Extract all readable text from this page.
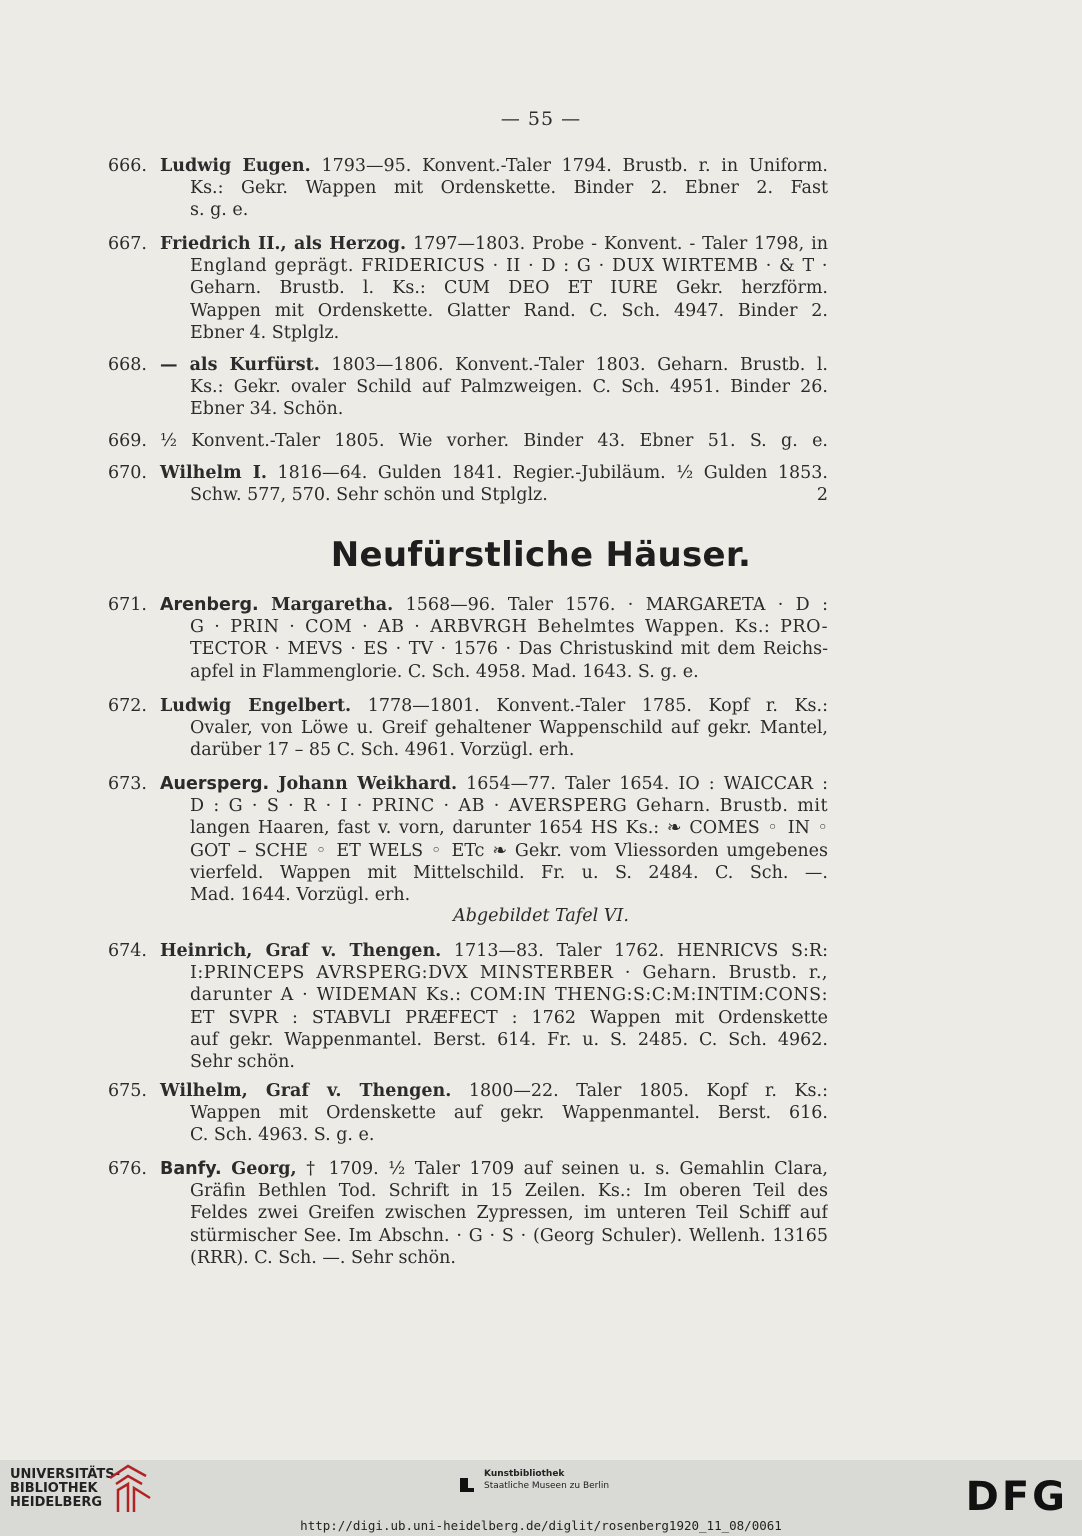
— 55 —
666. Ludwig Eugen. 1793—95. Konvent.-Taler 1794. Brustb. r. in Uniform.
Ks.: Gekr. Wappen mit Ordenskette. Binder 2. Ebner 2. Fast
s. g. e.
667. Friedrich II., als Herzog. 1797—1803. Probe - Konvent. - Taler 1798, in
England geprägt. FRIDERICUS · II · D : G · DUX WIRTEMB · & T ·
Geharn. Brustb. l. Ks.: CUM DEO ET IURE Gekr. herzförm.
Wappen mit Ordenskette. Glatter Rand. C. Sch. 4947. Binder 2.
Ebner 4. Stplglz.
668. — als Kurfürst. 1803—1806. Konvent.-Taler 1803. Geharn. Brustb. l.
Ks.: Gekr. ovaler Schild auf Palmzweigen. C. Sch. 4951. Binder 26.
Ebner 34. Schön.
669. ½ Konvent.-Taler 1805. Wie vorher. Binder 43. Ebner 51. S. g. e.
670. Wilhelm I. 1816—64. Gulden 1841. Regier.-Jubiläum. ½ Gulden 1853.
Schw. 577, 570. Sehr schön und Stplglz.	2
Neufürstliche Häuser.
671. Arenberg. Margaretha. 1568—96. Taler 1576. · MARGARETA · D :
G · PRIN · COM · AB · ARBVRGH Behelmtes Wappen. Ks.: PRO-
TECTOR · MEVS · ES · TV · 1576 · Das Christuskind mit dem Reichs-
apfel in Flammenglorie. C. Sch. 4958. Mad. 1643. S. g. e.
672. Ludwig Engelbert. 1778—1801. Konvent.-Taler 1785. Kopf r. Ks.:
Ovaler, von Löwe u. Greif gehaltener Wappenschild auf gekr. Mantel,
darüber 17 – 85 C. Sch. 4961. Vorzügl. erh.
673. Auersperg. Johann Weikhard. 1654—77. Taler 1654. IO : WAICCAR :
D : G · S · R · I · PRINC · AB · AVERSPERG Geharn. Brustb. mit
langen Haaren, fast v. vorn, darunter 1654 HS Ks.: ❧ COMES ◦ IN ◦
GOT – SCHE ◦ ET WELS ◦ ETc ❧ Gekr. vom Vliessorden umgebenes
vierfeld. Wappen mit Mittelschild. Fr. u. S. 2484. C. Sch. —.
Mad. 1644. Vorzügl. erh.
Abgebildet Tafel VI.
674. Heinrich, Graf v. Thengen. 1713—83. Taler 1762. HENRICVS S:R:
I:PRINCEPS AVRSPERG:DVX MINSTERBER · Geharn. Brustb. r.,
darunter A · WIDEMAN Ks.: COM:IN THENG:S:C:M:INTIM:CONS:
ET SVPR : STABVLI PRÆFECT : 1762 Wappen mit Ordenskette
auf gekr. Wappenmantel. Berst. 614. Fr. u. S. 2485. C. Sch. 4962.
Sehr schön.
675. Wilhelm, Graf v. Thengen. 1800—22. Taler 1805. Kopf r. Ks.:
Wappen mit Ordenskette auf gekr. Wappenmantel. Berst. 616.
C. Sch. 4963. S. g. e.
676. Banfy. Georg, † 1709. ½ Taler 1709 auf seinen u. s. Gemahlin Clara,
Gräfin Bethlen Tod. Schrift in 15 Zeilen. Ks.: Im oberen Teil des
Feldes zwei Greifen zwischen Zypressen, im unteren Teil Schiff auf
stürmischer See. Im Abschn. · G · S · (Georg Schuler). Wellenh. 13165
(RRR). C. Sch. —. Sehr schön.
UNIVERSITÄTS-
BIBLIOTHEK
HEIDELBERG
Kunstbibliothek
Staatliche Museen zu Berlin	DFG
http://digi.ub.uni-heidelberg.de/diglit/rosenberg1920_11_08/0061
